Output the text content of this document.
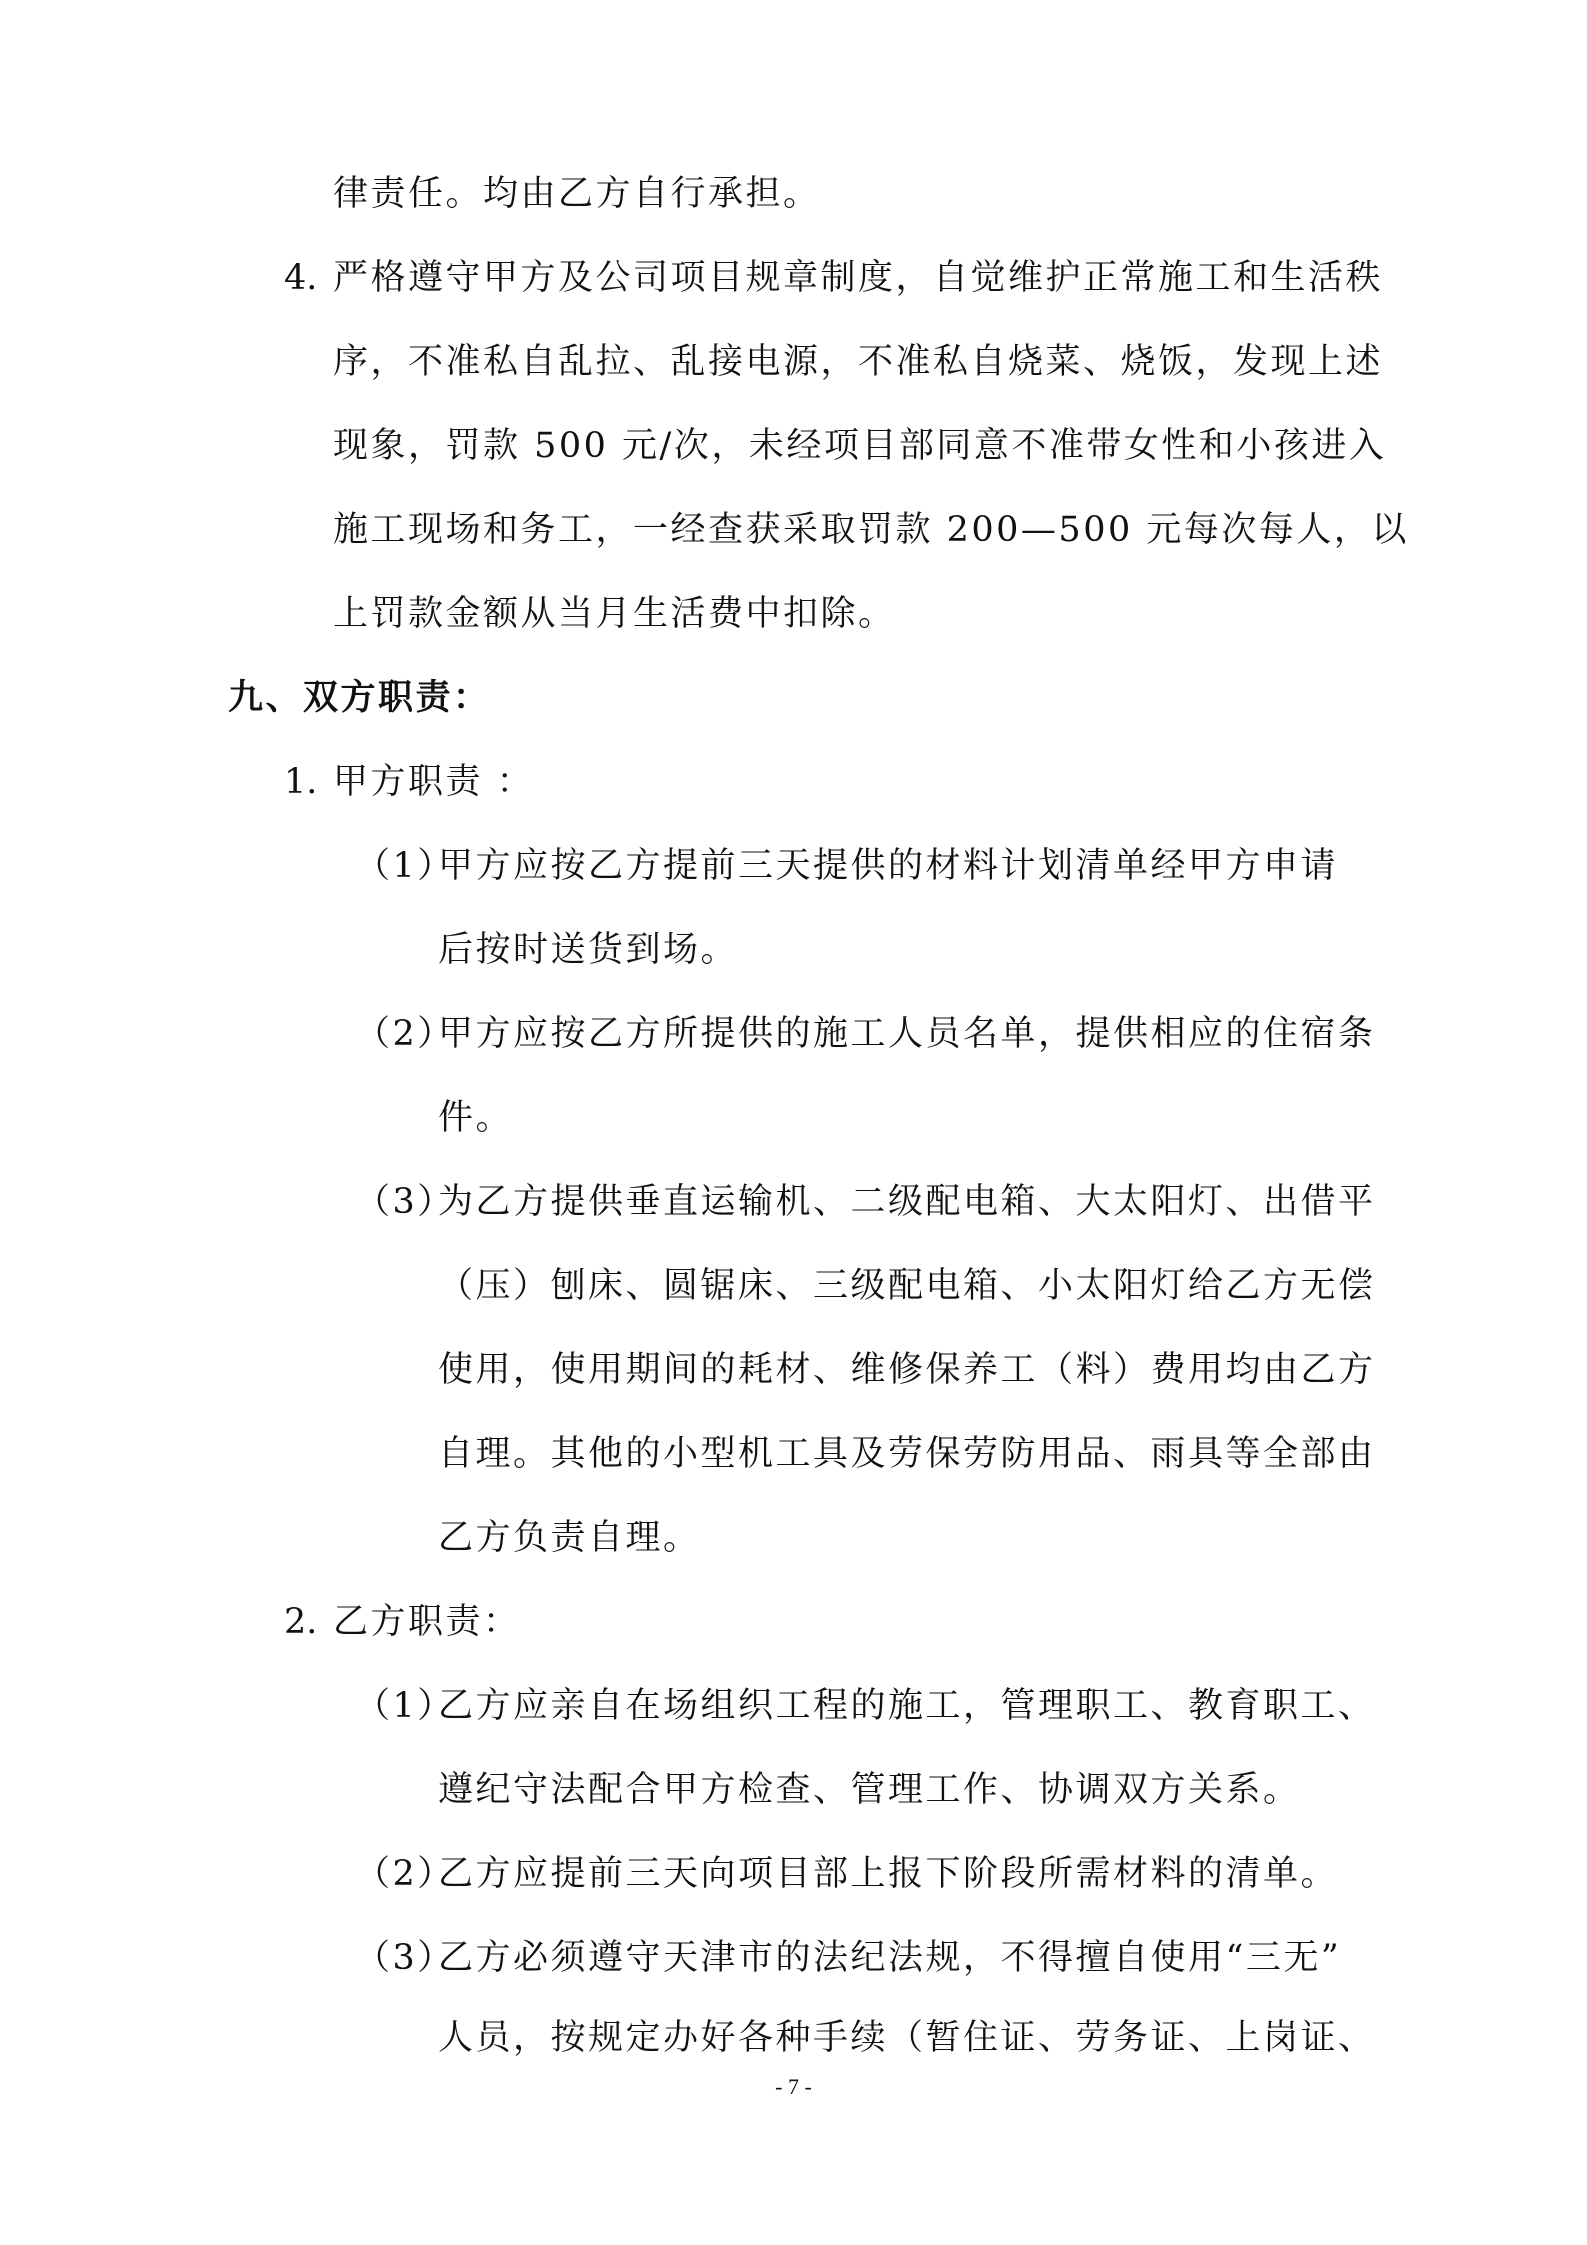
律责任。均由乙方自行承担。
4. 严格遵守甲方及公司项目规章制度，自觉维护正常施工和生活秩
序，不准私自乱拉、乱接电源，不准私自烧菜、烧饭，发现上述
现象，罚款 500 元/次，未经项目部同意不准带女性和小孩进入
施工现场和务工，一经查获采取罚款 200—500 元每次每人，以
上罚款金额从当月生活费中扣除。
九、双方职责：
1. 甲方职责 ：
（1）
甲方应按乙方提前三天提供的材料计划清单经甲方申请
后按时送货到场。
（2）
甲方应按乙方所提供的施工人员名单，提供相应的住宿条
件。
（3）
为乙方提供垂直运输机、二级配电箱、大太阳灯、出借平
（压）刨床、圆锯床、三级配电箱、小太阳灯给乙方无偿
使用，使用期间的耗材、维修保养工（料）费用均由乙方
自理。其他的小型机工具及劳保劳防用品、雨具等全部由
乙方负责自理。
2. 乙方职责：
（1）
乙方应亲自在场组织工程的施工，管理职工、教育职工、
遵纪守法配合甲方检查、管理工作、协调双方关系。
（2）
乙方应提前三天向项目部上报下阶段所需材料的清单。
（3）
乙方必须遵守天津市的法纪法规，不得擅自使用“三无”
人员，按规定办好各种手续（暂住证、劳务证、上岗证、
- 7 -
